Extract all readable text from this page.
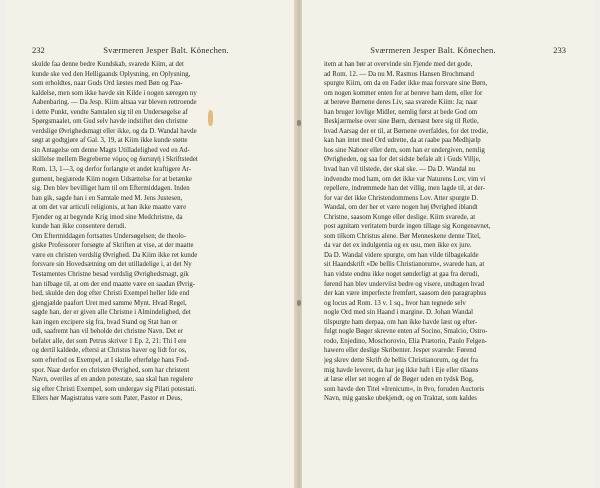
232	Sværmeren Jesper Balt. Könechen.
skulde faa denne bedre Kundskab, svarede Kiim, at det
kunde ske ved den Helligaands Oplysning, en Oplysning,
som erholdtes, naar Guds Ord læstes med Bøn og Paa-
kaldelse, men som ikke havde sin Kilde i nogen særegen ny
Aabenbaring. — Da Jesp. Kiim altsaa var bleven rettroende
i dette Punkt, vendte Samtalen sig til en Undersøgelse af
Spørgsmaalet, om Gud selv havde indstiftet den christne
verdslige Øvrighedsmagt eller ikke, og da D. Wandal havde
søgt at godtgjøre af Gal. 3, 19, at Kiim ikke kunde støtte
sin Antagelse om denne Magts Utilladelighed ved en Ad-
skillelse mellem Begreberne νόμος og διαταγή i Skriftstedet
Rom. 13, 1—3, og derfor forlangte et andet kraftigere Ar-
gument, begjærede Kiim nogen Udsættelse for at betænke
sig. Den blev bevilliget ham til om Eftermiddagen. Inden
han gik, sagde han i en Samtale med M. Jens Justesen,
at om det var articuli religionis, at han ikke maatte være
Fjender og at begynde Krig imod sine Medchristne, da
kunde han ikke consentere derudi.
Om Eftermiddagen fortsattes Undersøgelsen; de theolo-
giske Professorer forsøgte af Skriften at vise, at der maatte
være en christen verdslig Øvrighed. Da Kiim ikke ret kunde
forsvare sin Hovedsætning om det utilladelige i, at det Ny
Testamentes Christne besad verdslig Øvrighedsmagt, gik
han tilbage til, at om der end maatte være en saadan Øvrig-
hed, skulde den dog efter Christi Exempel heller lide end
gjengjælde paafort Uret med samme Mynt. Hvad Regel,
sagde han, der er given alle Christne i Almindelighed, det
kan ingen excipere sig fra, hvad Stand og Stat han er
udi, saafremt han vil beholde det christne Navn. Det er
befalet alle, det som Petrus skriver 1 Ep. 2, 21: Thi I ere
og dertil kaldede, eftersi at Christus haver og lidt for os,
som efterlod os Exempel, at I skulle efterfølge hans Fod-
spor. Naar derfor en christen Øvrighed, som har christent
Navn, overiles af en anden potestate, saa skal han regulere
sig efter Christi Exempel, som undergav sig Pilati potestati.
Ellers hør Magistratus være som Pater, Pastor et Deus,
Sværmeren Jesper Balt. Könechen.	233
item at han bør at overvinde sin Fjende med det gode,
ad Rom. 12. — Da nu M. Rasmus Hansen Brochmand
spurgte Kiim, om da en Fader ikke maa forsvare sine Børn,
om nogen kommer enten for at berøve ham dem, eller for
at berøve Børnene deres Liv, saa svarede Kiim: Ja; naar
han bruger lovlige Midler, nemlig først at bede God om
Beskjærmelse over sine Børn, dernæst bere sig til Retle,
hvad Aarsag der er til, at Børnene overfaldes, for det tredie,
kan han intet med Ord udrette, da at raabe paa Medhjælp
hos sine Naboer eller dem, som han er undergiven, nemlig
Øvrigheden, og saa for det sidste befale alt i Guds Villje,
hvad han vil tilstede, der skal ske. — Da D. Wandal nu
indvendte mod ham, om det ikke var Naturens Lov, vim vi
repellere, indrømmede han det villig, men lagde til, at der-
for var det ikke Christendommens Lov. Atter spurgte D.
Wandal, om der her et være nogen høj Øvrighed iblandt
Christne, saasom Konge eller deslige. Kiim svarede, at
post agnitam veritatem burde ingen tillage sig Kongenavnet,
som tilkom Christus alene. Bør Menneskene denne Titel,
da var det ex indulgentia og ex usu, men ikke ex jure.
Da D. Wandal videre spurgte, om han vilde tilbagekalde
sit Haandskrift »De bellis Christianorum«, svarede han, at
han vidste endnu ikke noget sønderligt at gaa fra derudi,
førend han blev underviist bedre og visere, undtagen hvad
der kan være imperfecte fremført, saasom den paragraphus
og locus ad Rom. 13 v. 1 sq., hvor han tegnede selv
nogle Ord med sin Haand i margine. D. Johan Wandal
tilspurgte ham derpaa, om han ikke havde læst og efter-
fulgt nogle Bøger skrevne enten af Socino, Smalcio, Ostro-
rodo, Enjedino, Moschorovio, Elia Prætorio, Paulo Felgen-
hawero eller deslige Skribenter. Jesper svarede: Førend
jeg skrev dette Skrift de bellis Christianorum, og det fra
mig havde leveret, da har jeg ikke haft i Eje eller tilaans
at læse eller set nogen af de Bøger uden en tydsk Bog,
som havde den Titel »Irenicum«, in 8vo, foruden Auctoris
Navn, mig ganske ubekjendt, og en Traktat, som kaldes
